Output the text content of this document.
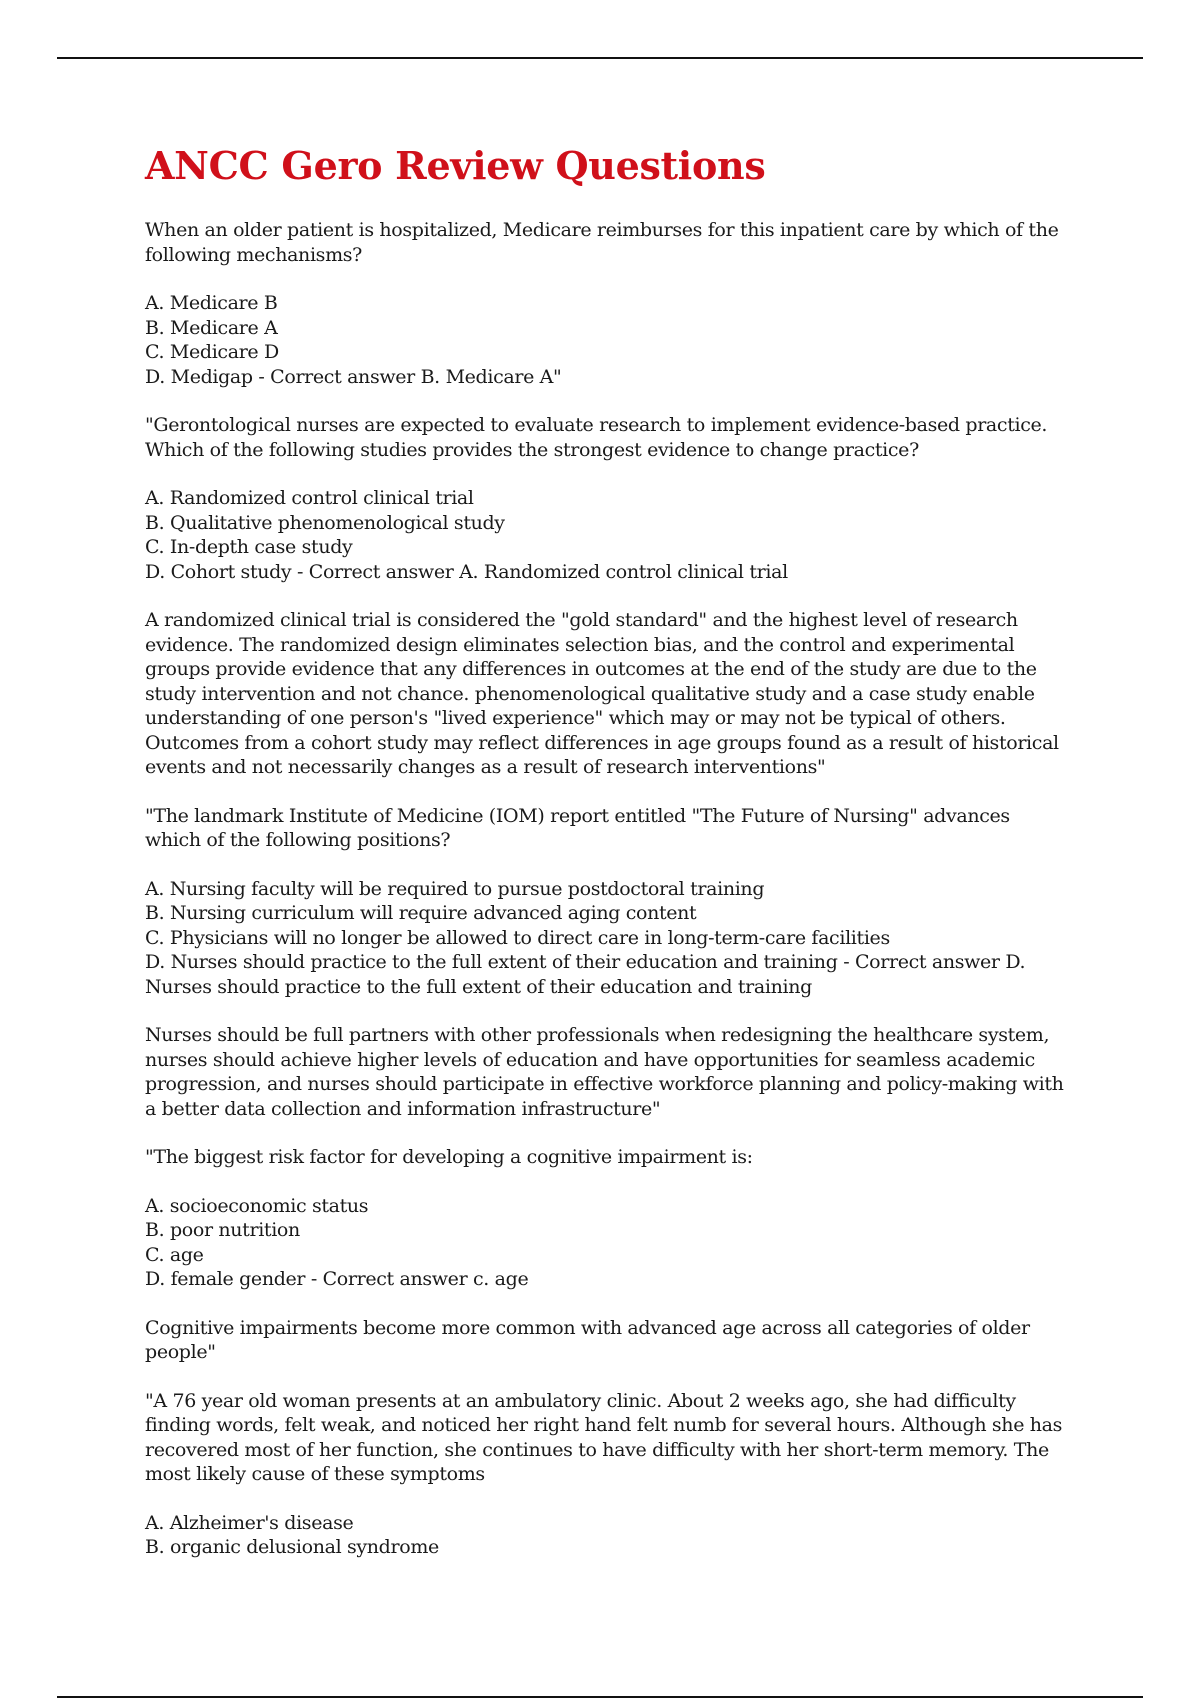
ANCC Gero Review Questions

When an older patient is hospitalized, Medicare reimburses for this inpatient care by which of the following mechanisms?

A. Medicare B
B. Medicare A
C. Medicare D
D. Medigap - Correct answer B. Medicare A"

"Gerontological nurses are expected to evaluate research to implement evidence-based practice. Which of the following studies provides the strongest evidence to change practice?

A. Randomized control clinical trial
B. Qualitative phenomenological study
C. In-depth case study
D. Cohort study - Correct answer A. Randomized control clinical trial

A randomized clinical trial is considered the "gold standard" and the highest level of research evidence. The randomized design eliminates selection bias, and the control and experimental groups provide evidence that any differences in outcomes at the end of the study are due to the study intervention and not chance. phenomenological qualitative study and a case study enable understanding of one person's "lived experience" which may or may not be typical of others. Outcomes from a cohort study may reflect differences in age groups found as a result of historical events and not necessarily changes as a result of research interventions"

"The landmark Institute of Medicine (IOM) report entitled "The Future of Nursing" advances which of the following positions?

A. Nursing faculty will be required to pursue postdoctoral training
B. Nursing curriculum will require advanced aging content
C. Physicians will no longer be allowed to direct care in long-term-care facilities
D. Nurses should practice to the full extent of their education and training - Correct answer D. Nurses should practice to the full extent of their education and training

Nurses should be full partners with other professionals when redesigning the healthcare system, nurses should achieve higher levels of education and have opportunities for seamless academic progression, and nurses should participate in effective workforce planning and policy-making with a better data collection and information infrastructure"

"The biggest risk factor for developing a cognitive impairment is:

A. socioeconomic status
B. poor nutrition
C. age
D. female gender - Correct answer c. age

Cognitive impairments become more common with advanced age across all categories of older people"

"A 76 year old woman presents at an ambulatory clinic. About 2 weeks ago, she had difficulty finding words, felt weak, and noticed her right hand felt numb for several hours. Although she has recovered most of her function, she continues to have difficulty with her short-term memory. The most likely cause of these symptoms

A. Alzheimer's disease
B. organic delusional syndrome
